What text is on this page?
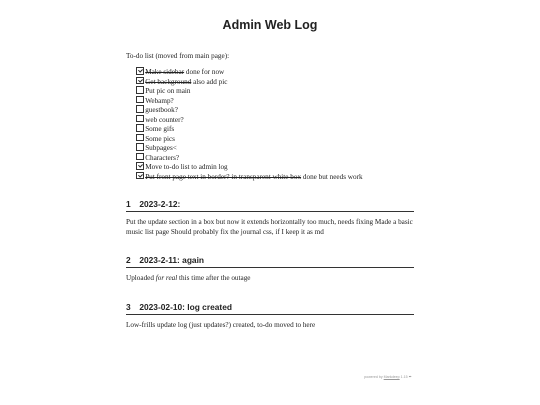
Admin Web Log
To-do list (moved from main page):
Make sidebar done for now
Get background also add pic
Put pic on main
Webamp?
guestbook?
web counter?
Some gifs
Some pics
Subpages<
Characters?
Move to-do list to admin log
Put front page text in border? in transparent white box done but needs work
1 2023-2-12:
Put the update section in a box but now it extends horizontally too much, needs fixing Made a basic music list page Should probably fix the journal css, if I keep it as md
2 2023-2-11: again
Uploaded for real this time after the outage
3 2023-02-10: log created
Low-frills update log (just updates?) created, to-do moved to here
powered by Markdeep 1.15✒
